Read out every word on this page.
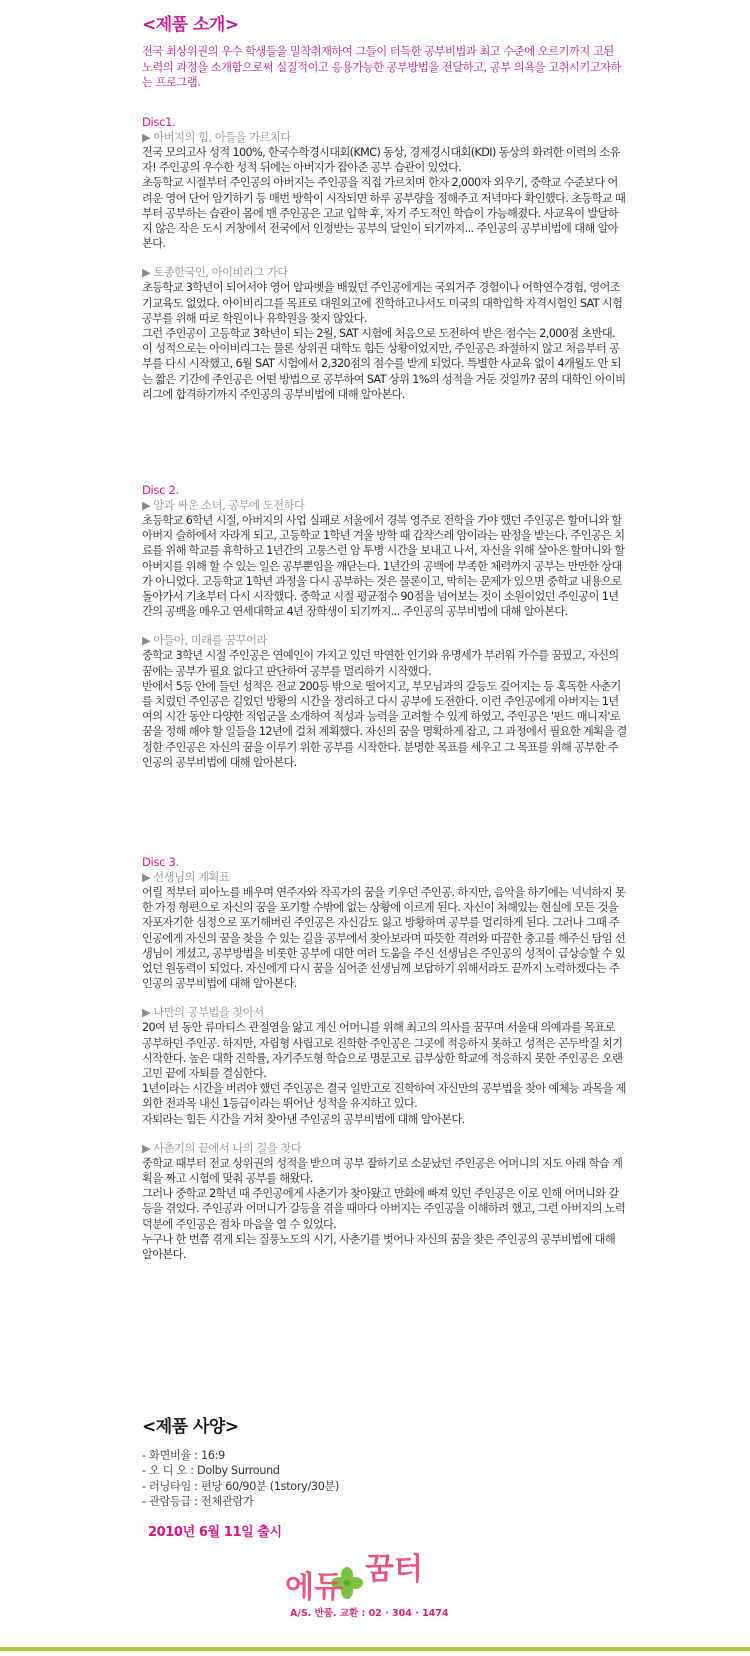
<제품 소개>
전국 최상위권의 우수 학생들을 밀착취재하여 그들이 터득한 공부비법과 최고 수준에 오르기까지 고된 노력의 과정을 소개함으로써 실질적이고 응용가능한 공부방법을 전달하고, 공부 의욕을 고취시키고자하는 프로그램.
Disc1.
▶ 아버지의 힘, 아들을 가르치다

전국 모의고사 성적 100%, 한국수학경시대회(KMC) 동상, 경제경시대회(KDI) 동상의 화려한 이력의 소유자! 주인공의 우수한 성적 뒤에는 아버지가 잡아준 공부 습관이 있었다.

초등학교 시절부터 주인공의 아버지는 주인공을 직접 가르치며 한자 2,000자 외우기, 중학교 수준보다 어려운 영어 단어 암기하기 등 매번 방학이 시작되면 하루 공부량을 정해주고 저녁마다 확인했다. 초등학교 때부터 공부하는 습관이 몸에 밴 주인공은 고교 입학 후, 자기 주도적인 학습이 가능해졌다. 사교육이 발달하지 않은 작은 도시 거창에서 전국에서 인정받는 공부의 달인이 되기까지... 주인공의 공부비법에 대해 알아본다.

▶ 토종한국인, 아이비리그 가다

초등학교 3학년이 되어서야 영어 알파벳을 배웠던 주인공에게는 국외거주 경험이나 어학연수경험, 영어조기교육도 없었다. 아이비리그를 목표로 대원외고에 진학하고나서도 미국의 대학입학 자격시험인 SAT 시험공부를 위해 따로 학원이나 유학원을 찾지 않았다.

그런 주인공이 고등학교 3학년이 되는 2월, SAT 시험에 처음으로 도전하여 받은 점수는 2,000점 초반대. 이 성적으로는 아이비리그는 물론 상위권 대학도 힘든 상황이었지만, 주인공은 좌절하지 않고 처음부터 공부를 다시 시작했고, 6월 SAT 시험에서 2,320점의 점수를 받게 되었다. 특별한 사교육 없이 4개월도 안 되는 짧은 기간에 주인공은 어떤 방법으로 공부하여 SAT 상위 1%의 성적을 거둔 것일까? 꿈의 대학인 아이비리그에 합격하기까지 주인공의 공부비법에 대해 알아본다.

Disc 2.
▶ 암과 싸운 소녀, 공부에 도전하다

초등학교 6학년 시절, 아버지의 사업 실패로 서울에서 경북 영주로 전학을 가야 했던 주인공은 할머니와 할아버지 슬하에서 자라게 되고, 고등학교 1학년 겨울 방학 때 갑작스레 암이라는 판정을 받는다. 주인공은 치료를 위해 학교를 휴학하고 1년간의 고통스런 암 투병 시간을 보내고 나서, 자신을 위해 살아온 할머니와 할아버지를 위해 할 수 있는 일은 공부뿐임을 깨닫는다. 1년간의 공백에 부족한 체력까지 공부는 만만한 상대가 아니었다. 고등학교 1학년 과정을 다시 공부하는 것은 물론이고, 막히는 문제가 있으면 중학교 내용으로 돌아가서 기초부터 다시 시작했다. 중학교 시절 평균점수 90점을 넘어보는 것이 소원이었던 주인공이 1년간의 공백을 메우고 연세대학교 4년 장학생이 되기까지... 주인공의 공부비법에 대해 알아본다.

▶ 아들아, 미래를 꿈꾸어라

중학교 3학년 시절 주인공은 연예인이 가지고 있던 막연한 인기와 유명세가 부러워 가수를 꿈꿨고, 자신의 꿈에는 공부가 필요 없다고 판단하여 공부를 멀리하기 시작했다.

반에서 5등 안에 들던 성적은 전교 200등 밖으로 떨어지고, 부모님과의 갈등도 깊어지는 등 혹독한 사춘기를 치렀던 주인공은 길었던 방황의 시간을 정리하고 다시 공부에 도전한다. 이런 주인공에게 아버지는 1년여의 시간 동안 다양한 직업군을 소개하여 적성과 능력을 고려할 수 있게 하였고, 주인공은 '펀드 매니저'로 꿈을 정해 해야 할 일들을 12년에 걸쳐 계획했다. 자신의 꿈을 명확하게 잡고, 그 과정에서 필요한 계획을 결정한 주인공은 자신의 꿈을 이루기 위한 공부를 시작한다. 분명한 목표를 세우고 그 목표를 위해 공부한 주인공의 공부비법에 대해 알아본다.

Disc 3.
▶ 선생님의 계획표

어릴 적부터 피아노를 배우며 연주자와 작곡가의 꿈을 키우던 주인공. 하지만, 음악을 하기에는 넉넉하지 못한 가정 형편으로 자신의 꿈을 포기할 수밖에 없는 상황에 이르게 된다. 자신이 처해있는 현실에 모든 것을 자포자기한 심정으로 포기해버린 주인공은 자신감도 잃고 방황하며 공부를 멀리하게 된다. 그러나 그때 주인공에게 자신의 꿈을 찾을 수 있는 길을 공부에서 찾아보라며 따뜻한 격려와 따끔한 충고를 해주신 담임 선생님이 계셨고, 공부방법을 비롯한 공부에 대한 여러 도움을 주신 선생님은 주인공의 성적이 급상승할 수 있었던 원동력이 되었다. 자신에게 다시 꿈을 심어준 선생님께 보답하기 위해서라도 끝까지 노력하겠다는 주인공의 공부비법에 대해 알아본다.

▶ 나만의 공부법을 찾아서

20여 년 동안 류마티스 관절염을 앓고 계신 어머니를 위해 최고의 의사를 꿈꾸며 서울대 의예과를 목표로 공부하던 주인공. 하지만, 자립형 사립고로 진학한 주인공은 그곳에 적응하지 못하고 성적은 곤두박질 치기 시작한다. 높은 대학 진학률, 자기주도형 학습으로 명문고로 급부상한 학교에 적응하지 못한 주인공은 오랜 고민 끝에 자퇴를 결심한다.

1년이라는 시간을 버려야 했던 주인공은 결국 일반고로 진학하여 자신만의 공부법을 찾아 예체능 과목을 제외한 전과목 내신 1등급이라는 뛰어난 성적을 유지하고 있다.

자퇴라는 힘든 시간을 거쳐 찾아낸 주인공의 공부비법에 대해 알아본다.

▶ 사춘기의 끝에서 나의 길을 찾다

중학교 때부터 전교 상위권의 성적을 받으며 공부 잘하기로 소문났던 주인공은 어머니의 지도 아래 학습 계획을 짜고 시험에 맞춰 공부를 해왔다.

그러나 중학교 2학년 때 주인공에게 사춘기가 찾아왔고 만화에 빠져 있던 주인공은 이로 인해 어머니와 갈등을 겪었다. 주인공과 어머니가 갈등을 겪을 때마다 아버지는 주인공을 이해하려 했고, 그런 아버지의 노력 덕분에 주인공은 점차 마음을 열 수 있었다.

누구나 한 번쯤 겪게 되는 질풍노도의 시기, 사춘기를 벗어나 자신의 꿈을 찾은 주인공의 공부비법에 대해 알아본다.

<제품 사양>
- 화면비율 : 16:9
- 오 디 오 : Dolby Surround
- 러닝타임 : 편당 60/90분 (1story/30분)
- 관람등급 : 전체관람가
2010년 6월 11일 출시
에듀
꿈터
A/S. 반품. 교환 : 02 · 304 · 1474
